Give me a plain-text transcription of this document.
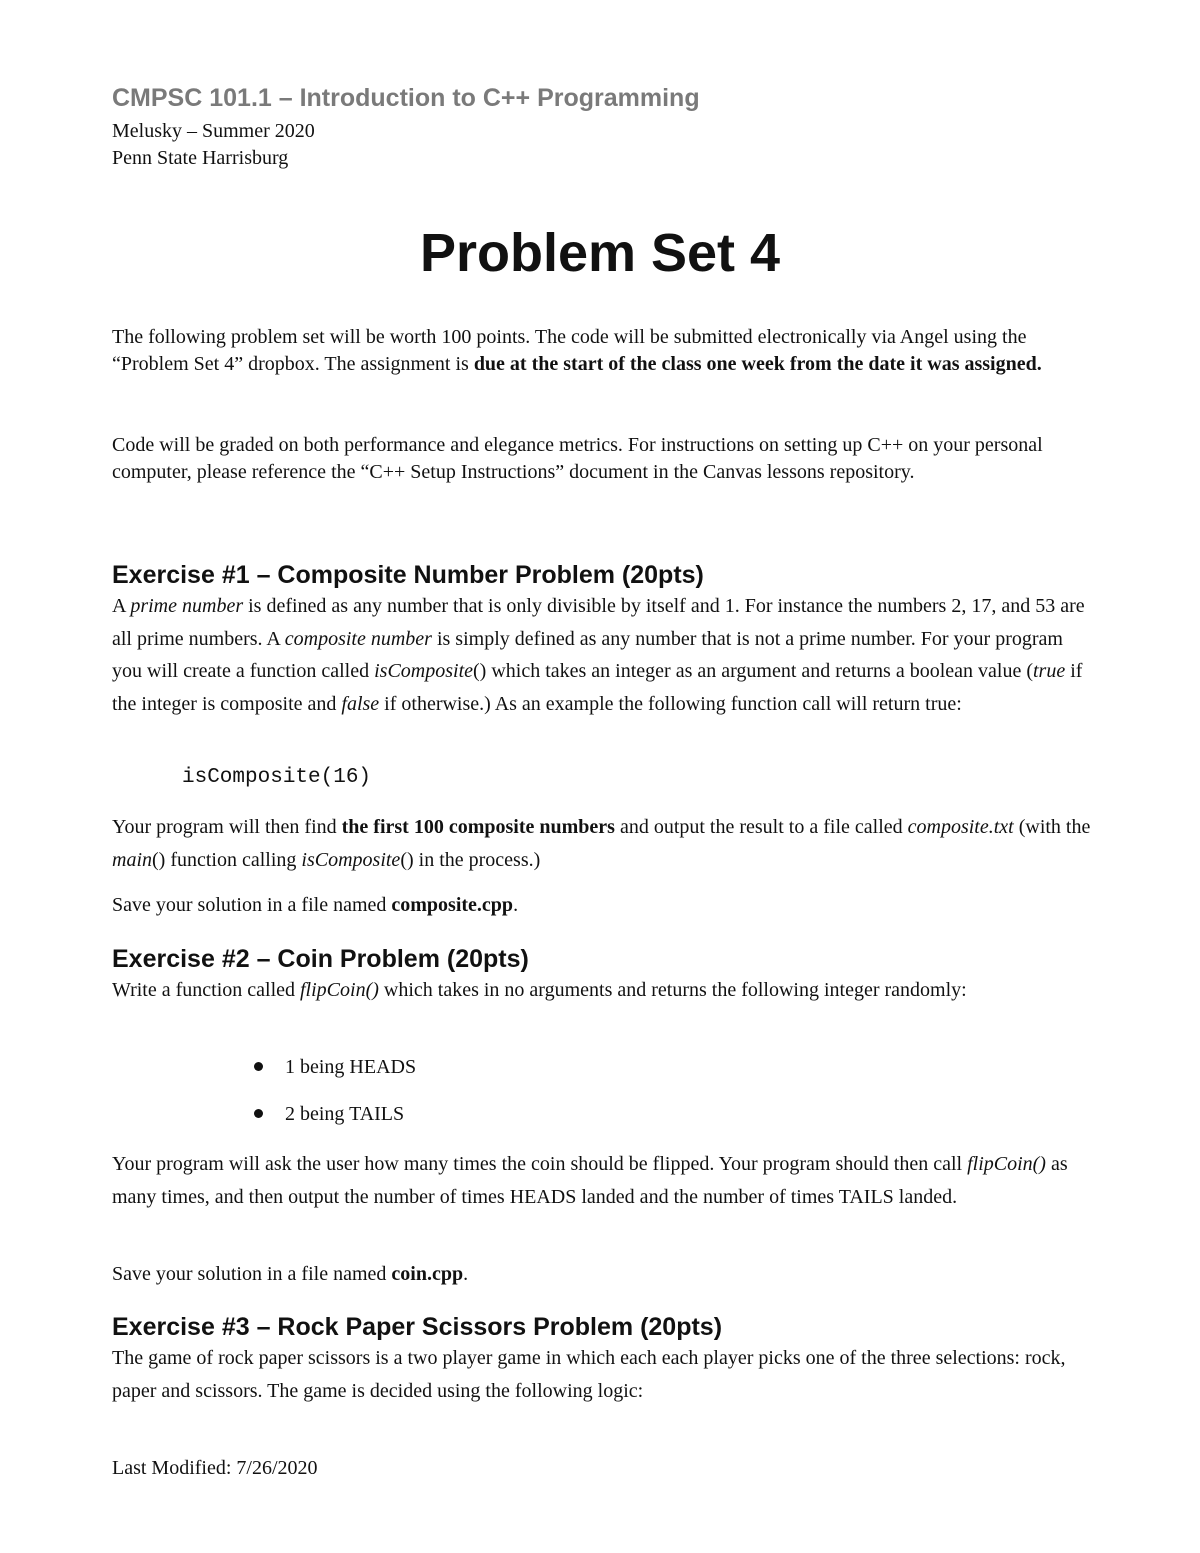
CMPSC 101.1 – Introduction to C++ Programming
Melusky – Summer 2020
Penn State Harrisburg
Problem Set 4
The following problem set will be worth 100 points. The code will be submitted electronically via Angel using the “Problem Set 4” dropbox. The assignment is due at the start of the class one week from the date it was assigned.
Code will be graded on both performance and elegance metrics. For instructions on setting up C++ on your personal computer, please reference the “C++ Setup Instructions” document in the Canvas lessons repository.
Exercise #1 – Composite Number Problem (20pts)
A prime number is defined as any number that is only divisible by itself and 1. For instance the numbers 2, 17, and 53 are all prime numbers. A composite number is simply defined as any number that is not a prime number. For your program you will create a function called isComposite() which takes an integer as an argument and returns a boolean value (true if the integer is composite and false if otherwise.) As an example the following function call will return true:
isComposite(16)
Your program will then find the first 100 composite numbers and output the result to a file called composite.txt (with the main() function calling isComposite() in the process.)
Save your solution in a file named composite.cpp.
Exercise #2 – Coin Problem (20pts)
Write a function called flipCoin() which takes in no arguments and returns the following integer randomly:
1 being HEADS
2 being TAILS
Your program will ask the user how many times the coin should be flipped. Your program should then call flipCoin() as many times, and then output the number of times HEADS landed and the number of times TAILS landed.
Save your solution in a file named coin.cpp.
Exercise #3 – Rock Paper Scissors Problem (20pts)
The game of rock paper scissors is a two player game in which each each player picks one of the three selections: rock, paper and scissors. The game is decided using the following logic:
Last Modified: 7/26/2020
